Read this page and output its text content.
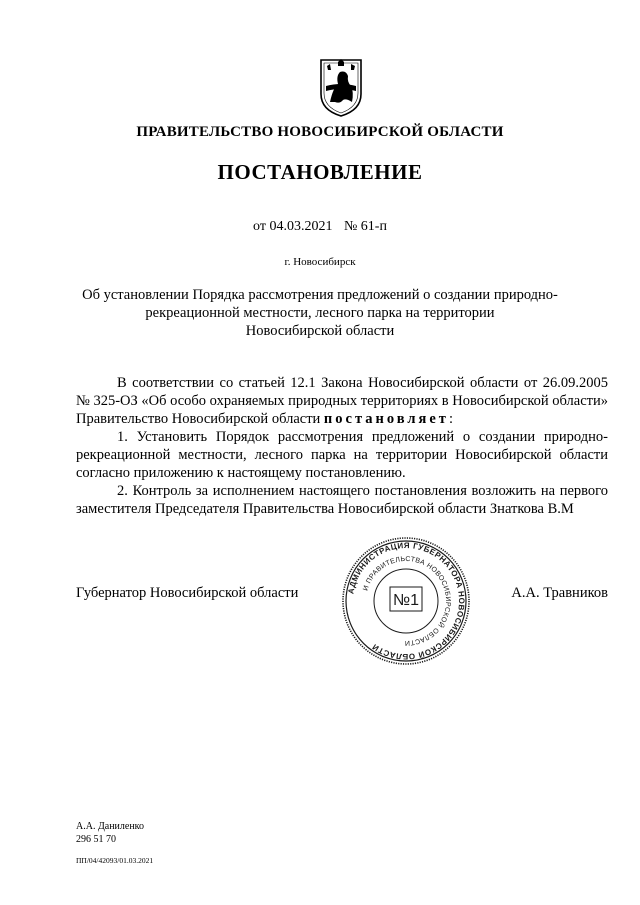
ПРАВИТЕЛЬСТВО НОВОСИБИРСКОЙ ОБЛАСТИ
ПОСТАНОВЛЕНИЕ
от 04.03.2021 № 61-п
г. Новосибирск
Об установлении Порядка рассмотрения предложений о создании природно-
рекреационной местности, лесного парка на территории
Новосибирской области

В соответствии со статьей 12.1 Закона Новосибирской области от 26.09.2005 № 325-ОЗ «Об особо охраняемых природных территориях в Новосибирской области» Правительство Новосибирской области постановляет:

1. Установить Порядок рассмотрения предложений о создании природно-рекреационной местности, лесного парка на территории Новосибирской области согласно приложению к настоящему постановлению.

2. Контроль за исполнением настоящего постановления возложить на первого заместителя Председателя Правительства Новосибирской области Знаткова В.М

Губернатор Новосибирской области	А.А. Травников
АДМИНИСТРАЦИЯ ГУБЕРНАТОРА НОВОСИБИРСКОЙ ОБЛАСТИ
И ПРАВИТЕЛЬСТВА НОВОСИБИРСКОЙ ОБЛАСТИ
№1
А.А. Даниленко
296 51 70
ПП/04/42093/01.03.2021
